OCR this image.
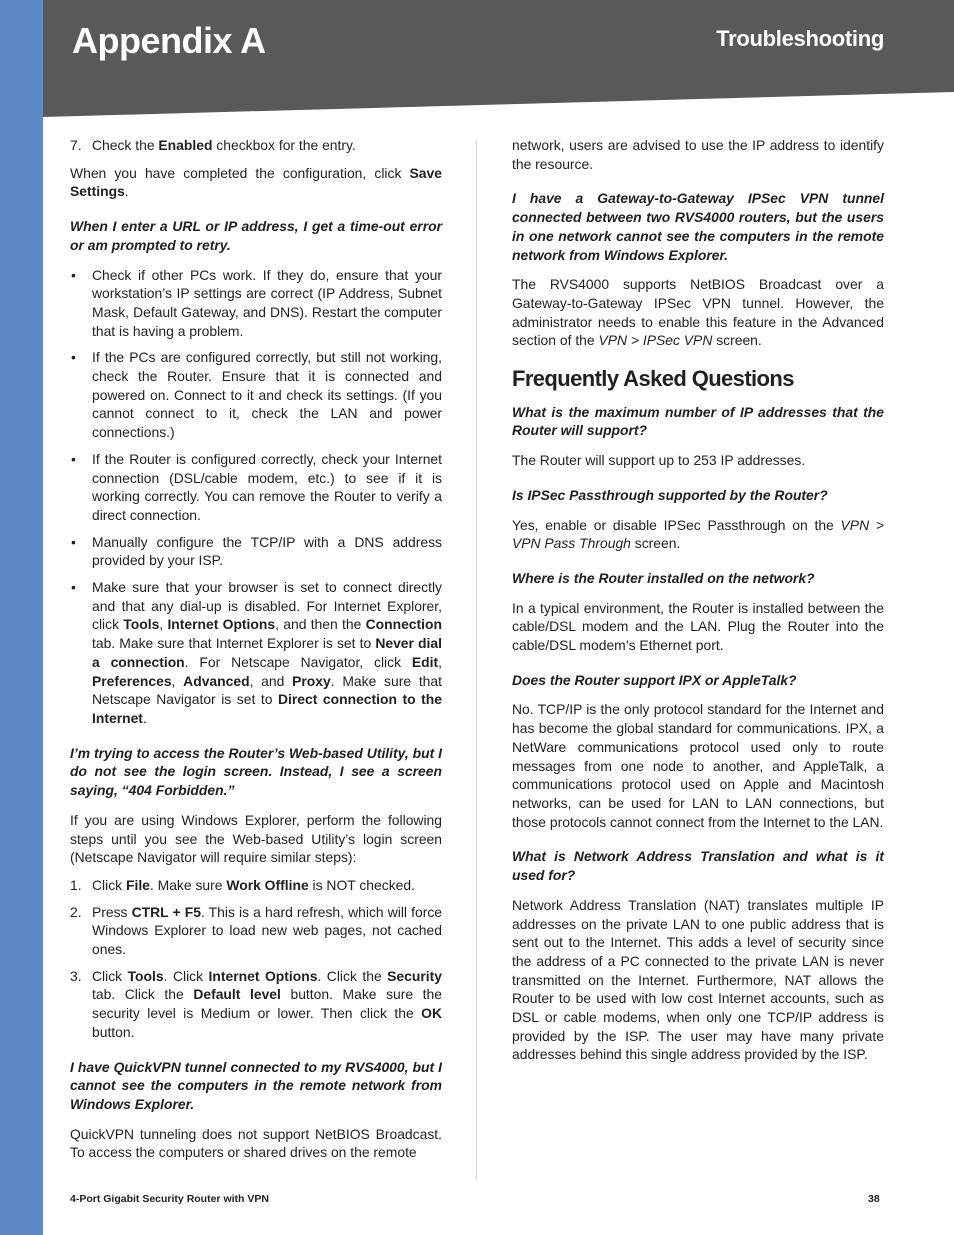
Appendix A	Troubleshooting
7. Check the Enabled checkbox for the entry.

When you have completed the configuration, click Save Settings.

When I enter a URL or IP address, I get a time-out error or am prompted to retry.

• Check if other PCs work. If they do, ensure that your workstation’s IP settings are correct (IP Address, Subnet Mask, Default Gateway, and DNS). Restart the computer that is having a problem.
• If the PCs are configured correctly, but still not working, check the Router. Ensure that it is connected and powered on. Connect to it and check its settings. (If you cannot connect to it, check the LAN and power connections.)
• If the Router is configured correctly, check your Internet connection (DSL/cable modem, etc.) to see if it is working correctly. You can remove the Router to verify a direct connection.
• Manually configure the TCP/IP with a DNS address provided by your ISP.
• Make sure that your browser is set to connect directly and that any dial-up is disabled. For Internet Explorer, click Tools, Internet Options, and then the Connection tab. Make sure that Internet Explorer is set to Never dial a connection. For Netscape Navigator, click Edit, Preferences, Advanced, and Proxy. Make sure that Netscape Navigator is set to Direct connection to the Internet.

I’m trying to access the Router’s Web-based Utility, but I do not see the login screen. Instead, I see a screen saying, “404 Forbidden.”

If you are using Windows Explorer, perform the following steps until you see the Web-based Utility’s login screen (Netscape Navigator will require similar steps):

1. Click File. Make sure Work Offline is NOT checked.
2. Press CTRL + F5. This is a hard refresh, which will force Windows Explorer to load new web pages, not cached ones.
3. Click Tools. Click Internet Options. Click the Security tab. Click the Default level button. Make sure the security level is Medium or lower. Then click the OK button.

I have QuickVPN tunnel connected to my RVS4000, but I cannot see the computers in the remote network from Windows Explorer.

QuickVPN tunneling does not support NetBIOS Broadcast. To access the computers or shared drives on the remote

network, users are advised to use the IP address to identify the resource.

I have a Gateway-to-Gateway IPSec VPN tunnel connected between two RVS4000 routers, but the users in one network cannot see the computers in the remote network from Windows Explorer.

The RVS4000 supports NetBIOS Broadcast over a Gateway-to-Gateway IPSec VPN tunnel. However, the administrator needs to enable this feature in the Advanced section of the VPN > IPSec VPN screen.

Frequently Asked Questions

What is the maximum number of IP addresses that the Router will support?

The Router will support up to 253 IP addresses.

Is IPSec Passthrough supported by the Router?

Yes, enable or disable IPSec Passthrough on the VPN > VPN Pass Through screen.

Where is the Router installed on the network?

In a typical environment, the Router is installed between the cable/DSL modem and the LAN. Plug the Router into the cable/DSL modem’s Ethernet port.

Does the Router support IPX or AppleTalk?

No. TCP/IP is the only protocol standard for the Internet and has become the global standard for communications. IPX, a NetWare communications protocol used only to route messages from one node to another, and AppleTalk, a communications protocol used on Apple and Macintosh networks, can be used for LAN to LAN connections, but those protocols cannot connect from the Internet to the LAN.

What is Network Address Translation and what is it used for?

Network Address Translation (NAT) translates multiple IP addresses on the private LAN to one public address that is sent out to the Internet. This adds a level of security since the address of a PC connected to the private LAN is never transmitted on the Internet. Furthermore, NAT allows the Router to be used with low cost Internet accounts, such as DSL or cable modems, when only one TCP/IP address is provided by the ISP. The user may have many private addresses behind this single address provided by the ISP.

4-Port Gigabit Security Router with VPN	38
